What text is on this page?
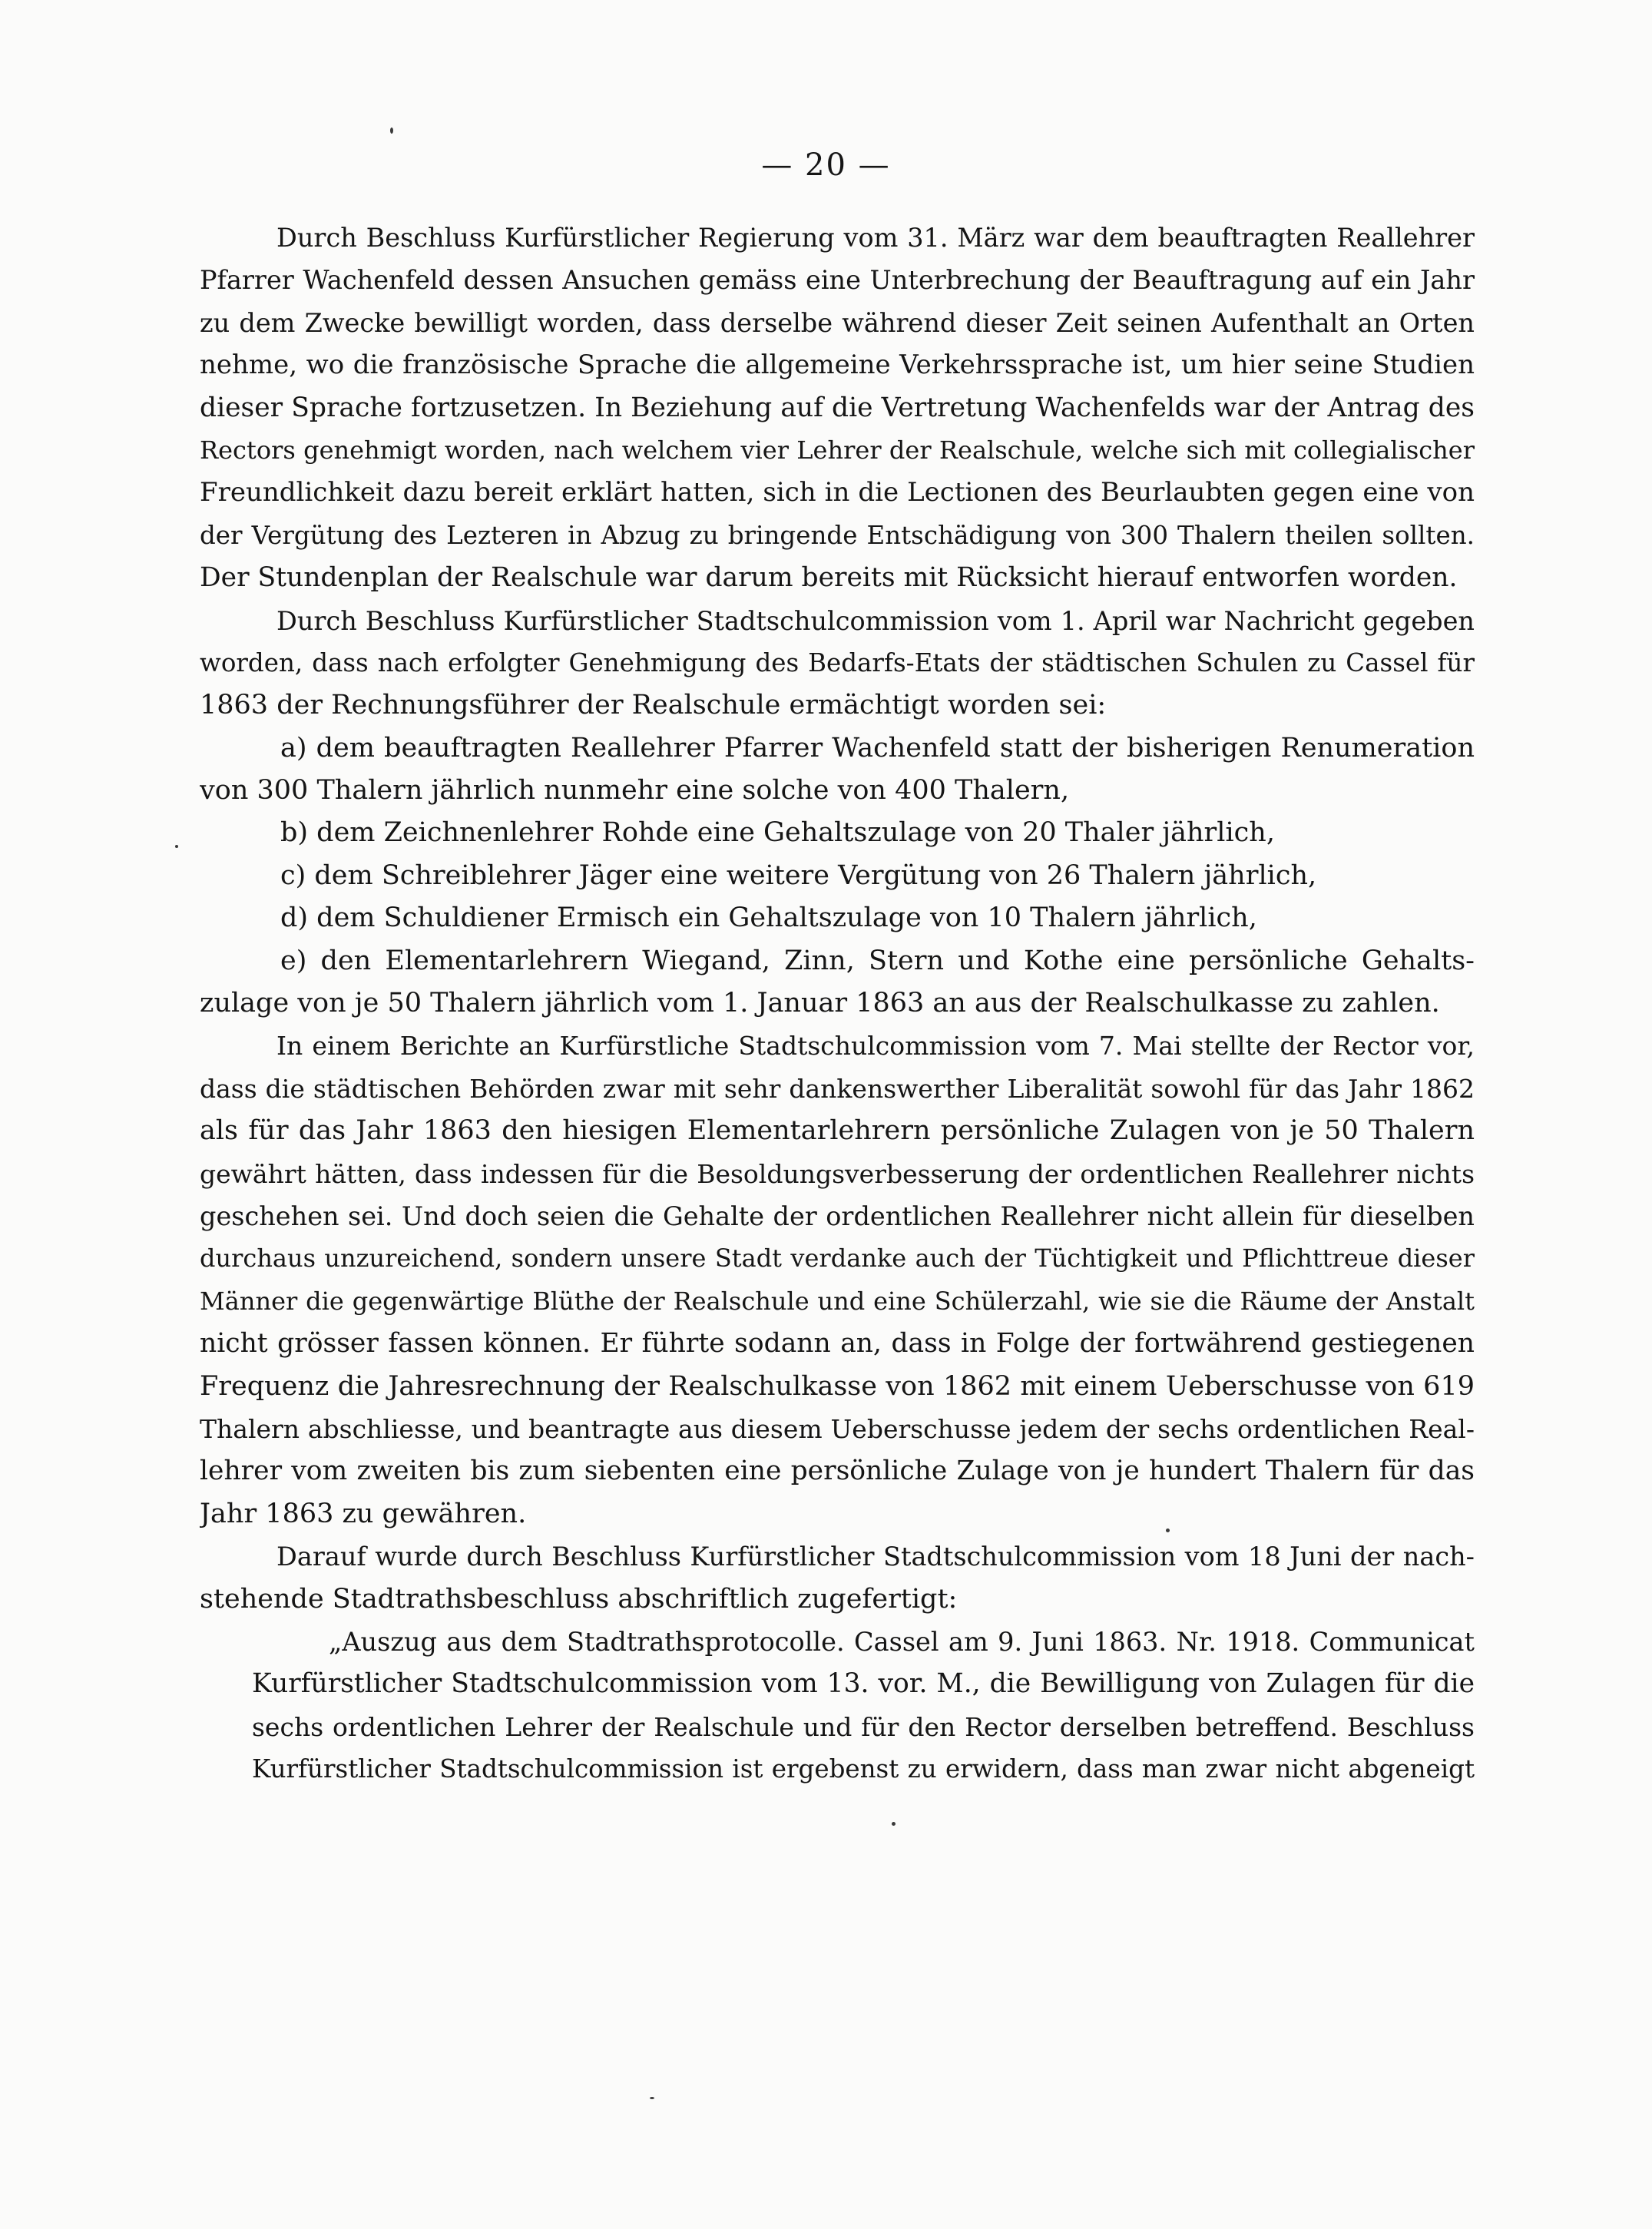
— 20 —
Durch Beschluss Kurfürstlicher Regierung vom 31. März war dem beauftragten Reallehrer
Pfarrer Wachenfeld dessen Ansuchen gemäss eine Unterbrechung der Beauftragung auf ein Jahr
zu dem Zwecke bewilligt worden, dass derselbe während dieser Zeit seinen Aufenthalt an Orten
nehme, wo die französische Sprache die allgemeine Verkehrssprache ist, um hier seine Studien
dieser Sprache fortzusetzen. In Beziehung auf die Vertretung Wachenfelds war der Antrag des
Rectors genehmigt worden, nach welchem vier Lehrer der Realschule, welche sich mit collegialischer
Freundlichkeit dazu bereit erklärt hatten, sich in die Lectionen des Beurlaubten gegen eine von
der Vergütung des Lezteren in Abzug zu bringende Entschädigung von 300 Thalern theilen sollten.
Der Stundenplan der Realschule war darum bereits mit Rücksicht hierauf entworfen worden.
Durch Beschluss Kurfürstlicher Stadtschulcommission vom 1. April war Nachricht gegeben
worden, dass nach erfolgter Genehmigung des Bedarfs-Etats der städtischen Schulen zu Cassel für
1863 der Rechnungsführer der Realschule ermächtigt worden sei:
a) dem beauftragten Reallehrer Pfarrer Wachenfeld statt der bisherigen Renumeration
von 300 Thalern jährlich nunmehr eine solche von 400 Thalern,
b) dem Zeichnenlehrer Rohde eine Gehaltszulage von 20 Thaler jährlich,
c) dem Schreiblehrer Jäger eine weitere Vergütung von 26 Thalern jährlich,
d) dem Schuldiener Ermisch ein Gehaltszulage von 10 Thalern jährlich,
e) den Elementarlehrern Wiegand, Zinn, Stern und Kothe eine persönliche Gehalts-
zulage von je 50 Thalern jährlich vom 1. Januar 1863 an aus der Realschulkasse zu zahlen.
In einem Berichte an Kurfürstliche Stadtschulcommission vom 7. Mai stellte der Rector vor,
dass die städtischen Behörden zwar mit sehr dankenswerther Liberalität sowohl für das Jahr 1862
als für das Jahr 1863 den hiesigen Elementarlehrern persönliche Zulagen von je 50 Thalern
gewährt hätten, dass indessen für die Besoldungsverbesserung der ordentlichen Reallehrer nichts
geschehen sei. Und doch seien die Gehalte der ordentlichen Reallehrer nicht allein für dieselben
durchaus unzureichend, sondern unsere Stadt verdanke auch der Tüchtigkeit und Pflichttreue dieser
Männer die gegenwärtige Blüthe der Realschule und eine Schülerzahl, wie sie die Räume der Anstalt
nicht grösser fassen können. Er führte sodann an, dass in Folge der fortwährend gestiegenen
Frequenz die Jahresrechnung der Realschulkasse von 1862 mit einem Ueberschusse von 619
Thalern abschliesse, und beantragte aus diesem Ueberschusse jedem der sechs ordentlichen Real-
lehrer vom zweiten bis zum siebenten eine persönliche Zulage von je hundert Thalern für das
Jahr 1863 zu gewähren.
Darauf wurde durch Beschluss Kurfürstlicher Stadtschulcommission vom 18 Juni der nach-
stehende Stadtrathsbeschluss abschriftlich zugefertigt:
„Auszug aus dem Stadtrathsprotocolle. Cassel am 9. Juni 1863. Nr. 1918. Communicat
Kurfürstlicher Stadtschulcommission vom 13. vor. M., die Bewilligung von Zulagen für die
sechs ordentlichen Lehrer der Realschule und für den Rector derselben betreffend. Beschluss
Kurfürstlicher Stadtschulcommission ist ergebenst zu erwidern, dass man zwar nicht abgeneigt
